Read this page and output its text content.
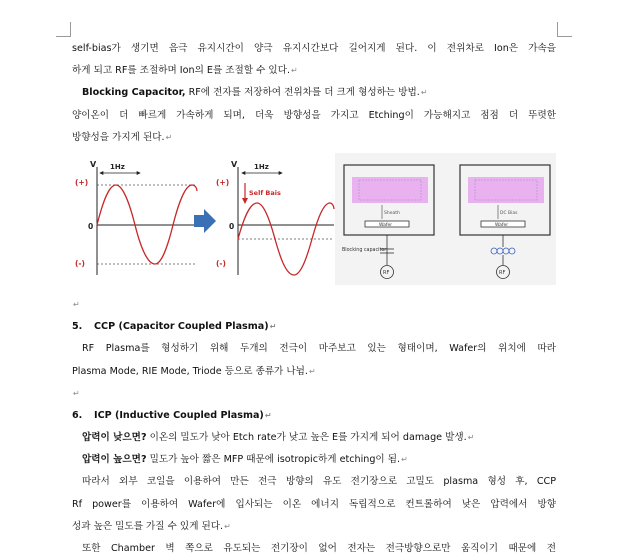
self-bias가 생기면 음극 유지시간이 양극 유지시간보다 길어지게 된다. 이 전위차로 Ion은 가속을
하게 되고 RF를 조절하며 Ion의 E를 조절할 수 있다.↵
Blocking Capacitor, RF에 전자를 저장하여 전위차를 더 크게 형성하는 방법.↵
양이온이 더 빠르게 가속하게 되며, 더욱 방향성을 가지고 Etching이 가능해지고 점점 더 뚜렷한
방향성을 가지게 된다.↵
V 1Hz
(+)
0
(-)
V 1Hz
(+)
Self Bais
0
(-)
Sheath
Wafer
Blocking capacitor
RF
DC Bias
Wafer
RF
↵
5. CCP (Capacitor Coupled Plasma)↵
RF Plasma를 형성하기 위해 두개의 전극이 마주보고 있는 형태이며, Wafer의 위치에 따라
Plasma Mode, RIE Mode, Triode 등으로 종류가 나뉨.↵
↵
6. ICP (Inductive Coupled Plasma)↵
압력이 낮으면? 이온의 밀도가 낮아 Etch rate가 낮고 높은 E를 가지게 되어 damage 발생.↵
압력이 높으면? 밀도가 높아 짧은 MFP 때문에 isotropic하게 etching이 됨.↵
따라서 외부 코일을 이용하여 만든 전극 방향의 유도 전기장으로 고밀도 plasma 형성 후, CCP
Rf power를 이용하여 Wafer에 입사되는 이온 에너지 독립적으로 컨트롤하여 낮은 압력에서 방향
성과 높은 밀도를 가질 수 있게 된다.↵
또한 Chamber 벽 쪽으로 유도되는 전기장이 없어 전자는 전극방향으로만 움직이기 때문에 전
